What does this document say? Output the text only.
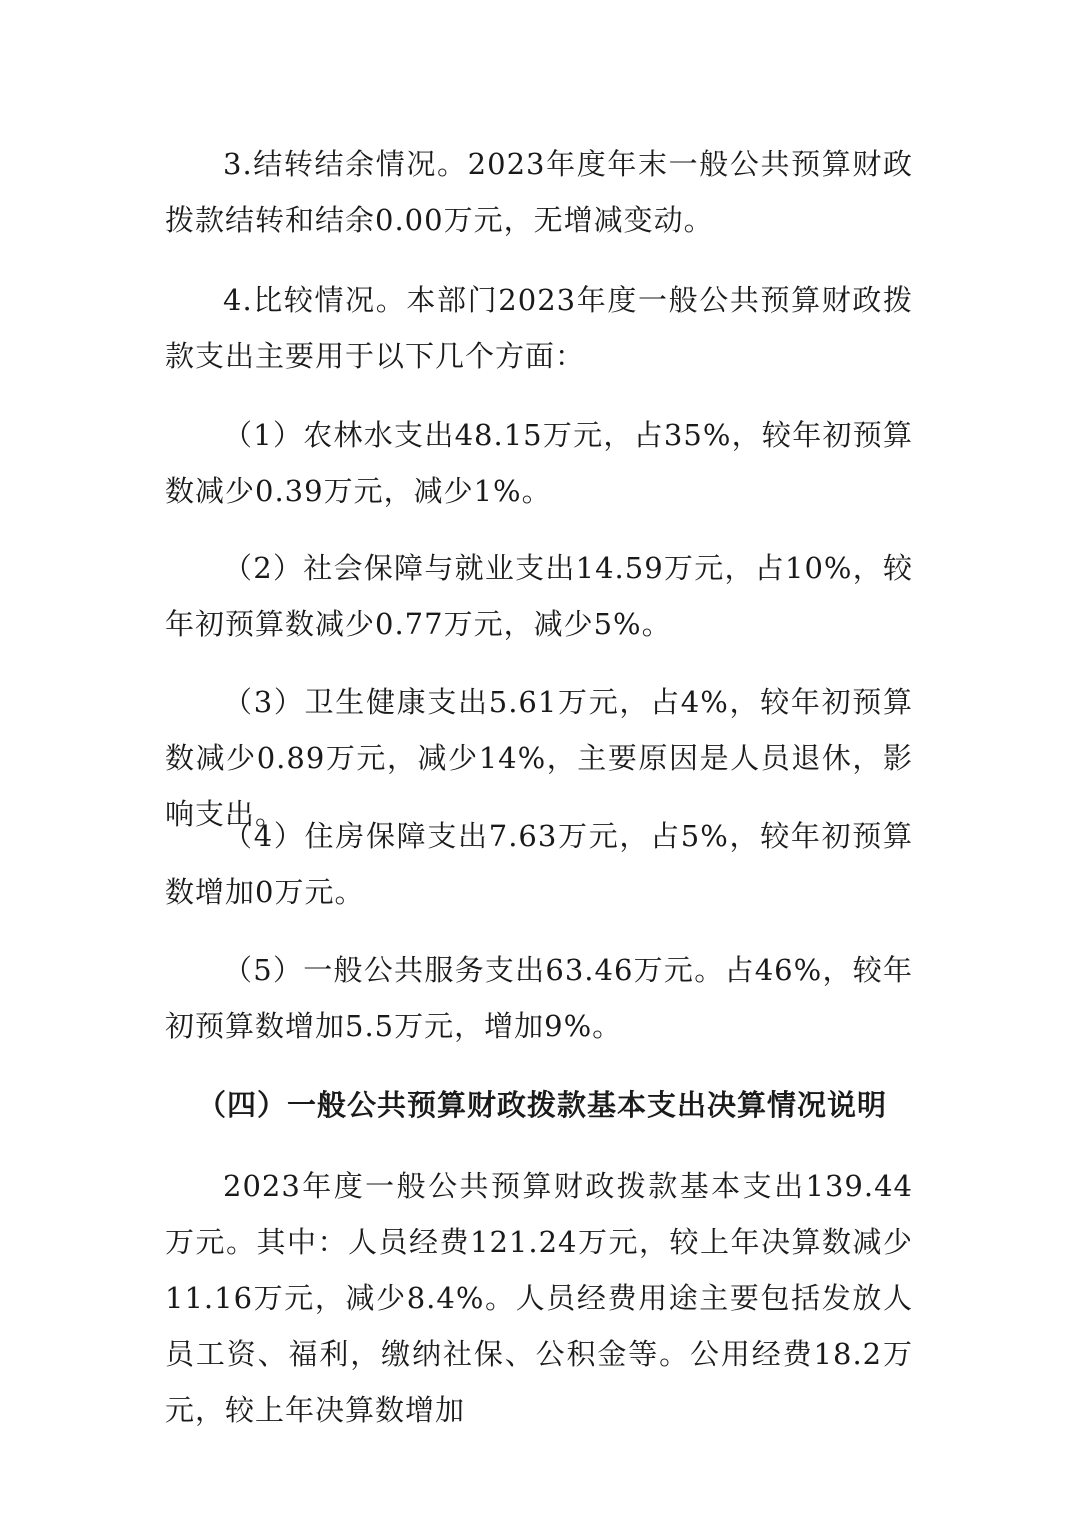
3.结转结余情况。2023年度年末一般公共预算财政拨款结转和结余0.00万元，无增减变动。

4.比较情况。本部门2023年度一般公共预算财政拨款支出主要用于以下几个方面：

（1）农林水支出48.15万元，占35%，较年初预算数减少0.39万元，减少1%。

（2）社会保障与就业支出14.59万元，占10%，较年初预算数减少0.77万元，减少5%。

（3）卫生健康支出5.61万元，占4%，较年初预算数减少0.89万元，减少14%，主要原因是人员退休，影响支出。

（4）住房保障支出7.63万元，占5%，较年初预算数增加0万元。

（5）一般公共服务支出63.46万元。占46%，较年初预算数增加5.5万元，增加9%。

（四）一般公共预算财政拨款基本支出决算情况说明

2023年度一般公共预算财政拨款基本支出139.44万元。其中：人员经费121.24万元，较上年决算数减少11.16万元，减少8.4%。人员经费用途主要包括发放人员工资、福利，缴纳社保、公积金等。公用经费18.2万元，较上年决算数增加
